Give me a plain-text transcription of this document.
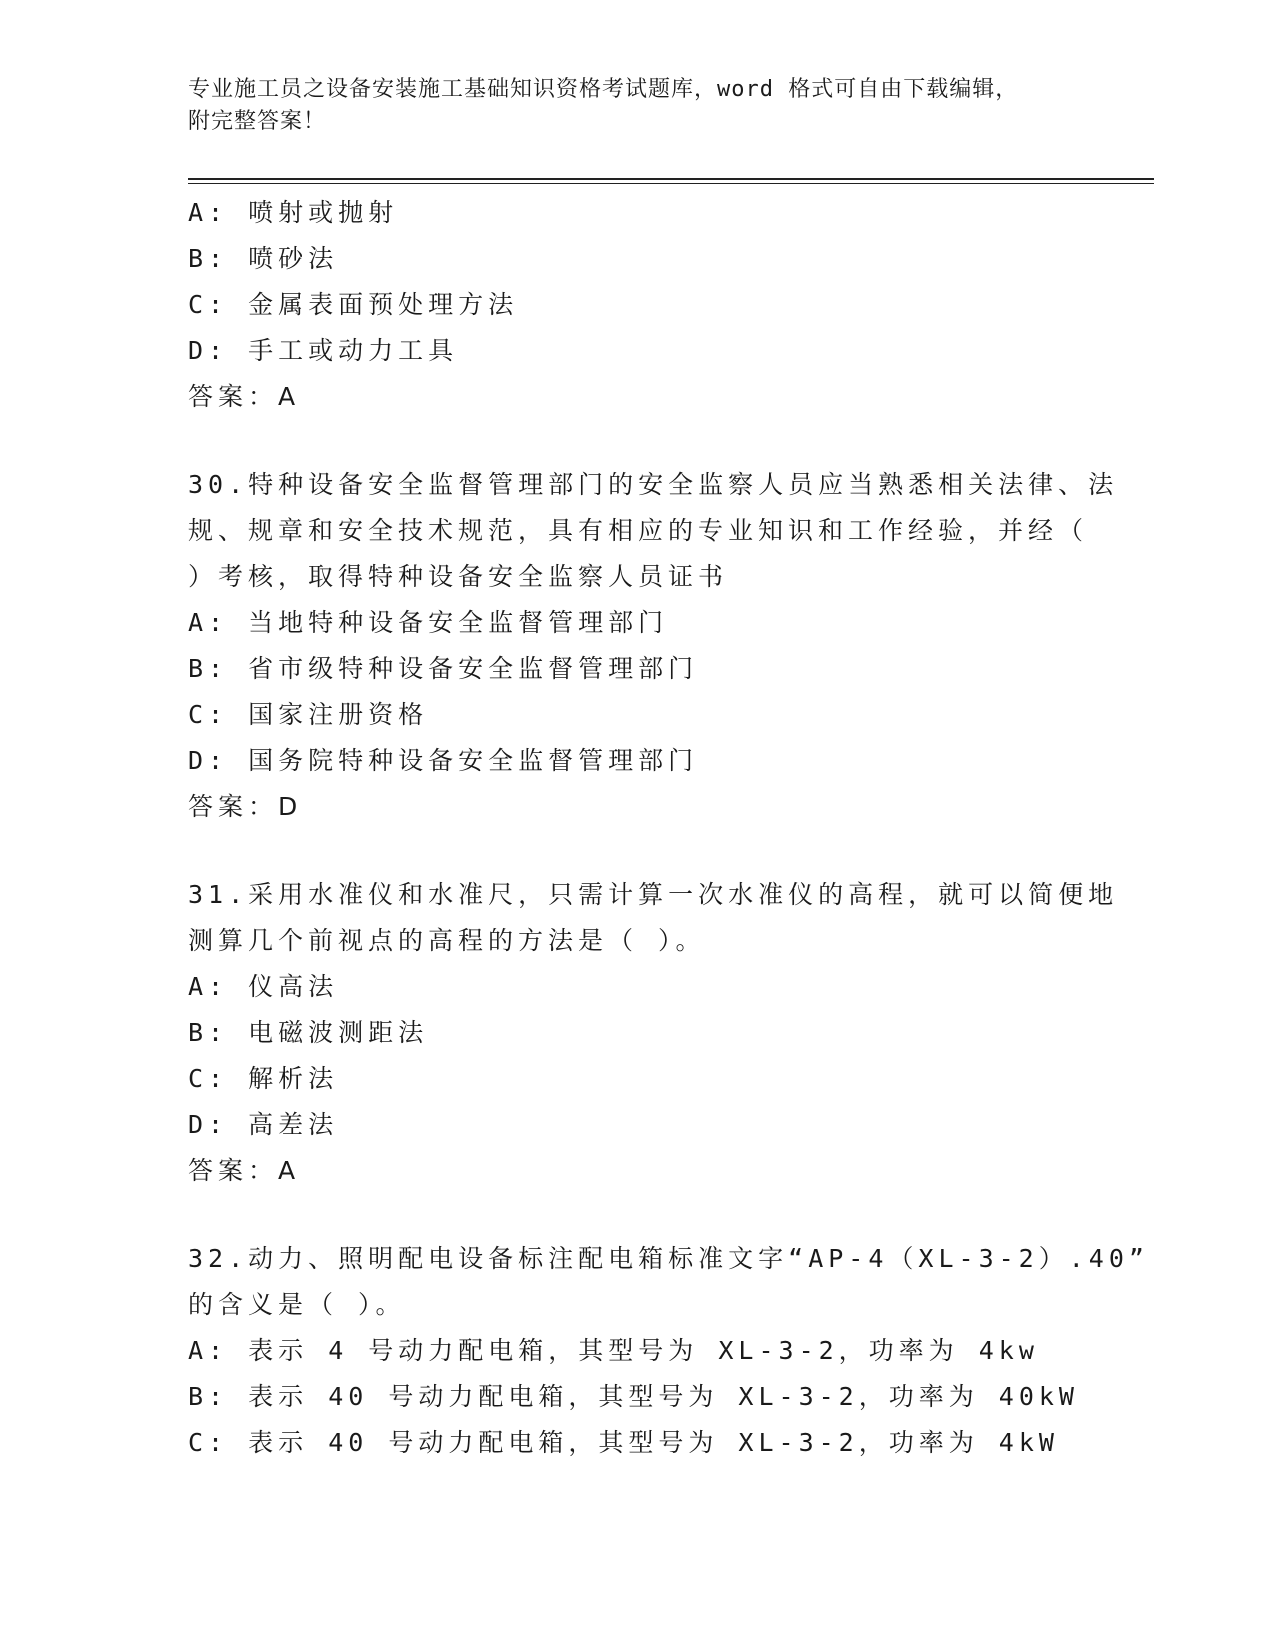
专业施工员之设备安装施工基础知识资格考试题库，word 格式可自由下载编辑，
附完整答案！
A: 喷射或抛射
B: 喷砂法
C: 金属表面预处理方法
D: 手工或动力工具
答案：A
30.特种设备安全监督管理部门的安全监察人员应当熟悉相关法律、法
规、规章和安全技术规范，具有相应的专业知识和工作经验，并经（
）考核，取得特种设备安全监察人员证书
A: 当地特种设备安全监督管理部门
B: 省市级特种设备安全监督管理部门
C: 国家注册资格
D: 国务院特种设备安全监督管理部门
答案：D
31.采用水准仪和水准尺，只需计算一次水准仪的高程，就可以简便地
测算几个前视点的高程的方法是（ ）。
A: 仪高法
B: 电磁波测距法
C: 解析法
D: 高差法
答案：A
32.动力、照明配电设备标注配电箱标准文字“AP-4（XL-3-2）.40”
的含义是（ ）。
A: 表示 4 号动力配电箱，其型号为 XL-3-2，功率为 4kw
B: 表示 40 号动力配电箱，其型号为 XL-3-2，功率为 40kW
C: 表示 40 号动力配电箱，其型号为 XL-3-2，功率为 4kW
